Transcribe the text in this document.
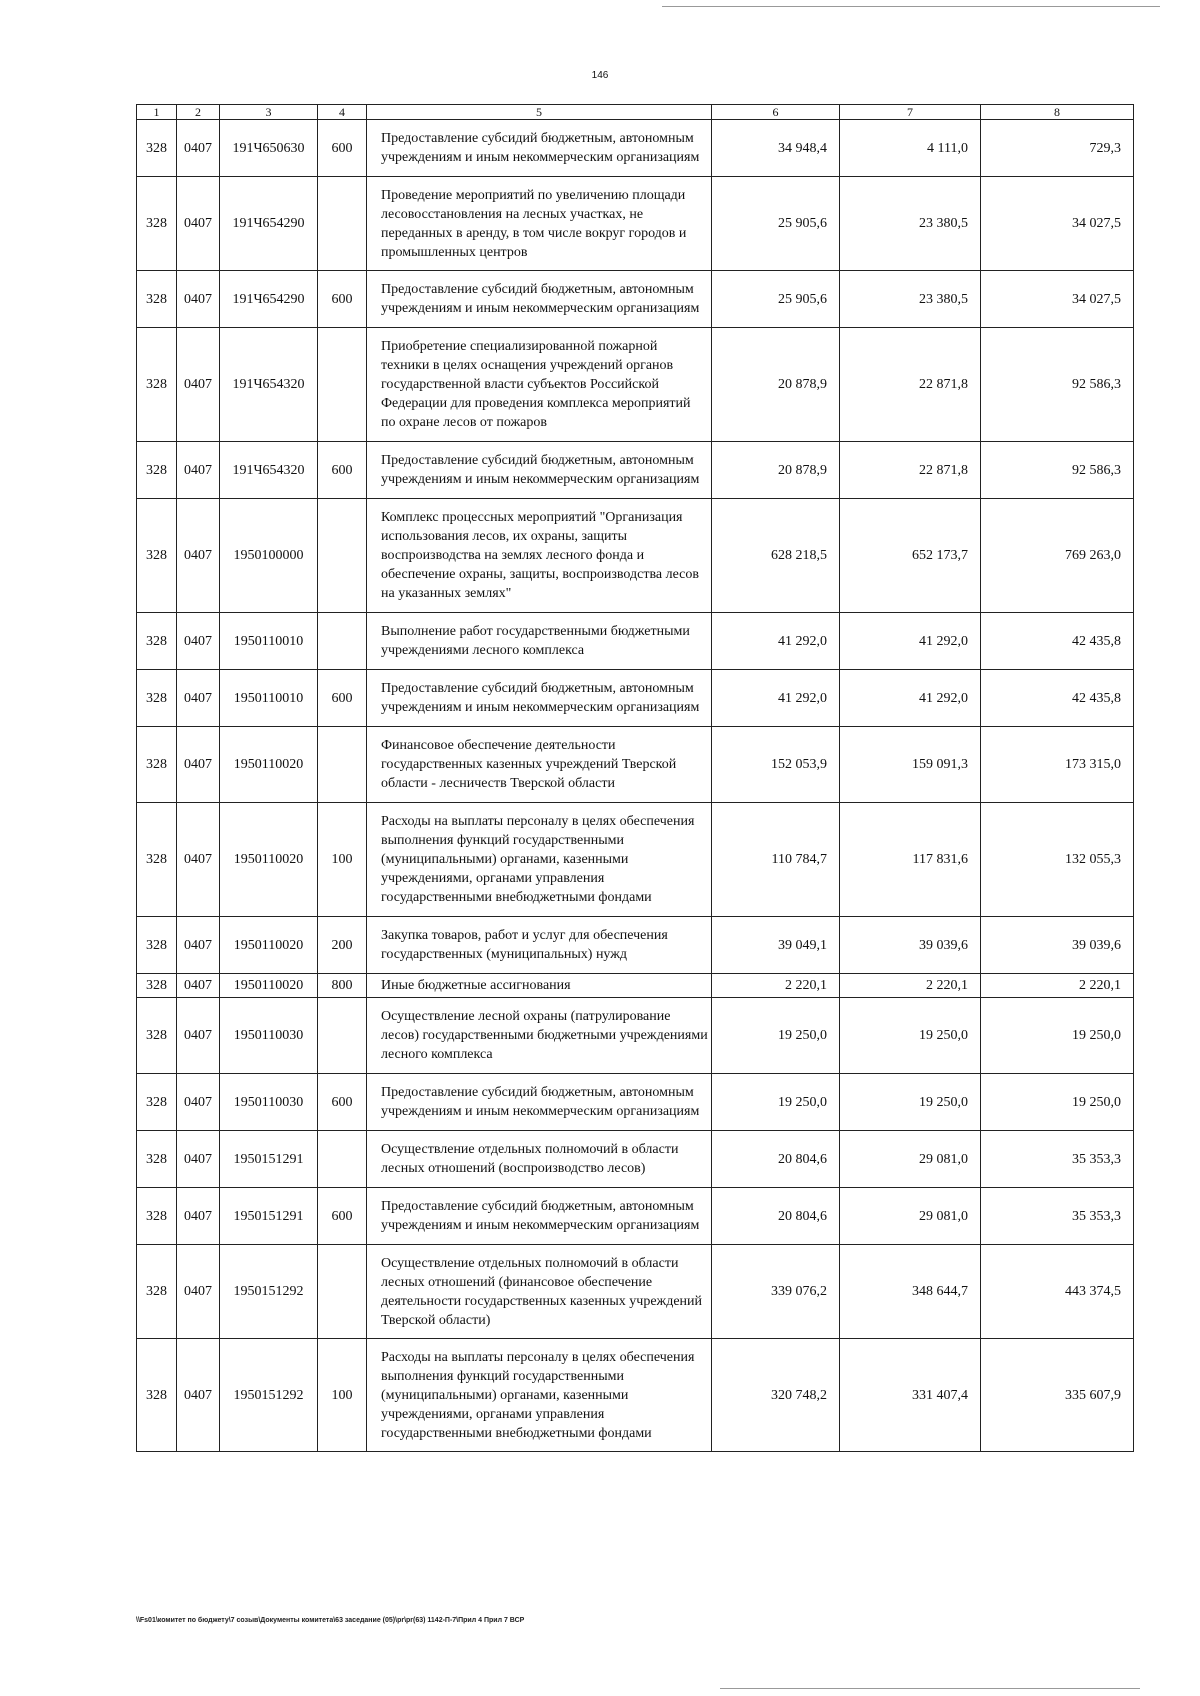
146
1	2	3	4	5	6	7	8
328	0407	191Ч650630	600	Предоставление субсидий бюджетным, автономным учреждениям и иным некоммерческим организациям	34 948,4	4 111,0	729,3
328	0407	191Ч654290		Проведение мероприятий по увеличению площади лесовосстановления на лесных участках, не переданных в аренду, в том числе вокруг городов и промышленных центров	25 905,6	23 380,5	34 027,5
328	0407	191Ч654290	600	Предоставление субсидий бюджетным, автономным учреждениям и иным некоммерческим организациям	25 905,6	23 380,5	34 027,5
328	0407	191Ч654320		Приобретение специализированной пожарной техники в целях оснащения учреждений органов государственной власти субъектов Российской Федерации для проведения комплекса мероприятий по охране лесов от пожаров	20 878,9	22 871,8	92 586,3
328	0407	191Ч654320	600	Предоставление субсидий бюджетным, автономным учреждениям и иным некоммерческим организациям	20 878,9	22 871,8	92 586,3
328	0407	1950100000		Комплекс процессных мероприятий "Организация использования лесов, их охраны, защиты воспроизводства на землях лесного фонда и обеспечение охраны, защиты, воспроизводства лесов на указанных землях"	628 218,5	652 173,7	769 263,0
328	0407	1950110010		Выполнение работ государственными бюджетными учреждениями лесного комплекса	41 292,0	41 292,0	42 435,8
328	0407	1950110010	600	Предоставление субсидий бюджетным, автономным учреждениям и иным некоммерческим организациям	41 292,0	41 292,0	42 435,8
328	0407	1950110020		Финансовое обеспечение деятельности государственных казенных учреждений Тверской области - лесничеств Тверской области	152 053,9	159 091,3	173 315,0
328	0407	1950110020	100	Расходы на выплаты персоналу в целях обеспечения выполнения функций государственными (муниципальными) органами, казенными учреждениями, органами управления государственными внебюджетными фондами	110 784,7	117 831,6	132 055,3
328	0407	1950110020	200	Закупка товаров, работ и услуг для обеспечения государственных (муниципальных) нужд	39 049,1	39 039,6	39 039,6
328	0407	1950110020	800	Иные бюджетные ассигнования	2 220,1	2 220,1	2 220,1
328	0407	1950110030		Осуществление лесной охраны (патрулирование лесов) государственными бюджетными учреждениями лесного комплекса	19 250,0	19 250,0	19 250,0
328	0407	1950110030	600	Предоставление субсидий бюджетным, автономным учреждениям и иным некоммерческим организациям	19 250,0	19 250,0	19 250,0
328	0407	1950151291		Осуществление отдельных полномочий в области лесных отношений (воспроизводство лесов)	20 804,6	29 081,0	35 353,3
328	0407	1950151291	600	Предоставление субсидий бюджетным, автономным учреждениям и иным некоммерческим организациям	20 804,6	29 081,0	35 353,3
328	0407	1950151292		Осуществление отдельных полномочий в области лесных отношений (финансовое обеспечение деятельности государственных казенных учреждений Тверской области)	339 076,2	348 644,7	443 374,5
328	0407	1950151292	100	Расходы на выплаты персоналу в целях обеспечения выполнения функций государственными (муниципальными) органами, казенными учреждениями, органами управления государственными внебюджетными фондами	320 748,2	331 407,4	335 607,9
\\Fs01\комитет по бюджету\7 созыв\Документы комитета\63 заседание (05)\pr\pr(63) 1142-П-7\Прил 4 Прил 7 ВСР
